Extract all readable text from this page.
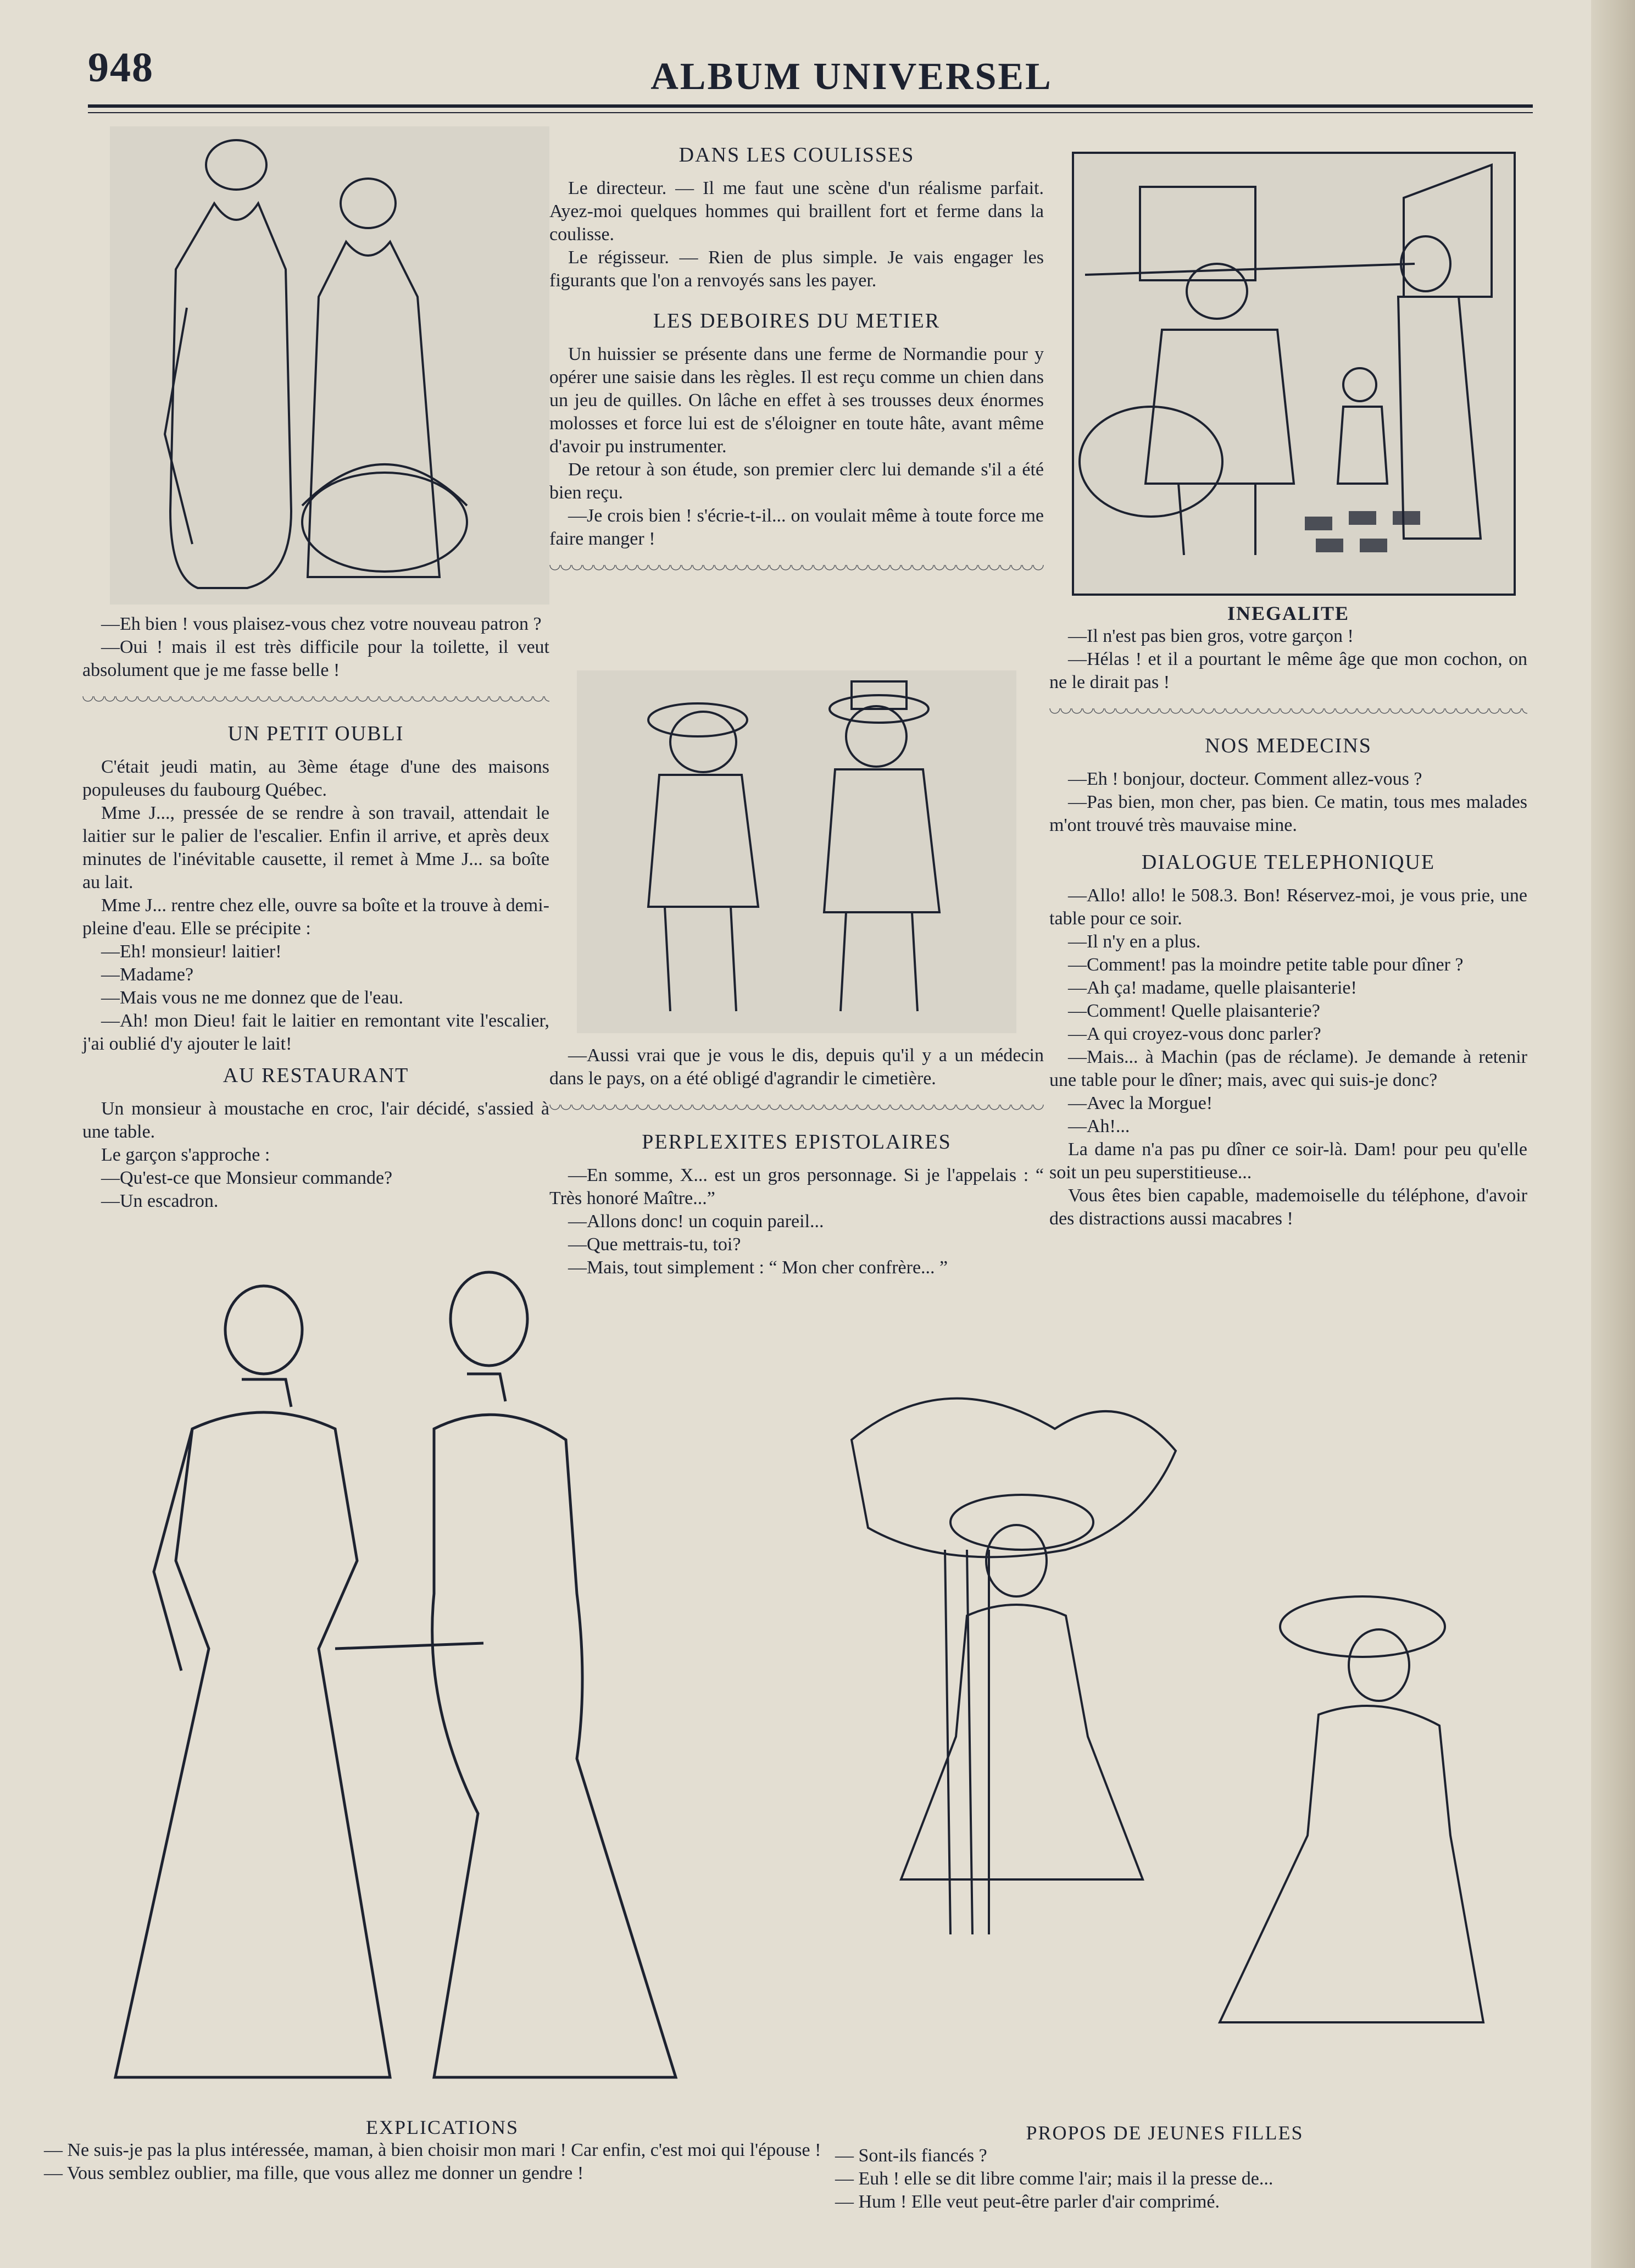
948	ALBUM UNIVERSEL

—Eh bien ! vous plaisez-vous chez votre nouveau patron ?

—Oui ! mais il est très difficile pour la toilette, il veut absolument que je me fasse belle !

UN PETIT OUBLI

C'était jeudi matin, au 3ème étage d'une des maisons populeuses du faubourg Québec.

Mme J..., pressée de se rendre à son travail, attendait le laitier sur le palier de l'escalier. Enfin il arrive, et après deux minutes de l'inévitable causette, il remet à Mme J... sa boîte au lait.

Mme J... rentre chez elle, ouvre sa boîte et la trouve à demi-pleine d'eau. Elle se précipite :

—Eh! monsieur! laitier!

—Madame?

—Mais vous ne me donnez que de l'eau.

—Ah! mon Dieu! fait le laitier en remontant vite l'escalier, j'ai oublié d'y ajouter le lait!

AU RESTAURANT

Un monsieur à moustache en croc, l'air décidé, s'assied à une table.

Le garçon s'approche :

—Qu'est-ce que Monsieur commande?

—Un escadron.

DANS LES COULISSES

Le directeur. — Il me faut une scène d'un réalisme parfait. Ayez-moi quelques hommes qui braillent fort et ferme dans la coulisse.

Le régisseur. — Rien de plus simple. Je vais engager les figurants que l'on a renvoyés sans les payer.

LES DEBOIRES DU METIER

Un huissier se présente dans une ferme de Normandie pour y opérer une saisie dans les règles. Il est reçu comme un chien dans un jeu de quilles. On lâche en effet à ses trousses deux énormes molosses et force lui est de s'éloigner en toute hâte, avant même d'avoir pu instrumenter.

De retour à son étude, son premier clerc lui demande s'il a été bien reçu.

—Je crois bien ! s'écrie-t-il... on voulait même à toute force me faire manger !

—Aussi vrai que je vous le dis, depuis qu'il y a un médecin dans le pays, on a été obligé d'agrandir le cimetière.

PERPLEXITES EPISTOLAIRES

—En somme, X... est un gros personnage. Si je l'appelais : “ Très honoré Maître...”

—Allons donc! un coquin pareil...

—Que mettrais-tu, toi?

—Mais, tout simplement : “ Mon cher confrère... ”

INEGALITE

—Il n'est pas bien gros, votre garçon !

—Hélas ! et il a pourtant le même âge que mon cochon, on ne le dirait pas !

NOS MEDECINS

—Eh ! bonjour, docteur. Comment allez-vous ?

—Pas bien, mon cher, pas bien. Ce matin, tous mes malades m'ont trouvé très mauvaise mine.

DIALOGUE TELEPHONIQUE

—Allo! allo! le 508.3. Bon! Réservez-moi, je vous prie, une table pour ce soir.

—Il n'y en a plus.

—Comment! pas la moindre petite table pour dîner ?

—Ah ça! madame, quelle plaisanterie!

—Comment! Quelle plaisanterie?

—A qui croyez-vous donc parler?

—Mais... à Machin (pas de réclame). Je demande à retenir une table pour le dîner; mais, avec qui suis-je donc?

—Avec la Morgue!

—Ah!...

La dame n'a pas pu dîner ce soir-là. Dam! pour peu qu'elle soit un peu superstitieuse...

Vous êtes bien capable, mademoiselle du téléphone, d'avoir des distractions aussi macabres !

EXPLICATIONS

— Ne suis-je pas la plus intéressée, maman, à bien choisir mon mari ! Car enfin, c'est moi qui l'épouse !

— Vous semblez oublier, ma fille, que vous allez me donner un gendre !

PROPOS DE JEUNES FILLES

— Sont-ils fiancés ?

— Euh ! elle se dit libre comme l'air; mais il la presse de...

— Hum ! Elle veut peut-être parler d'air comprimé.
